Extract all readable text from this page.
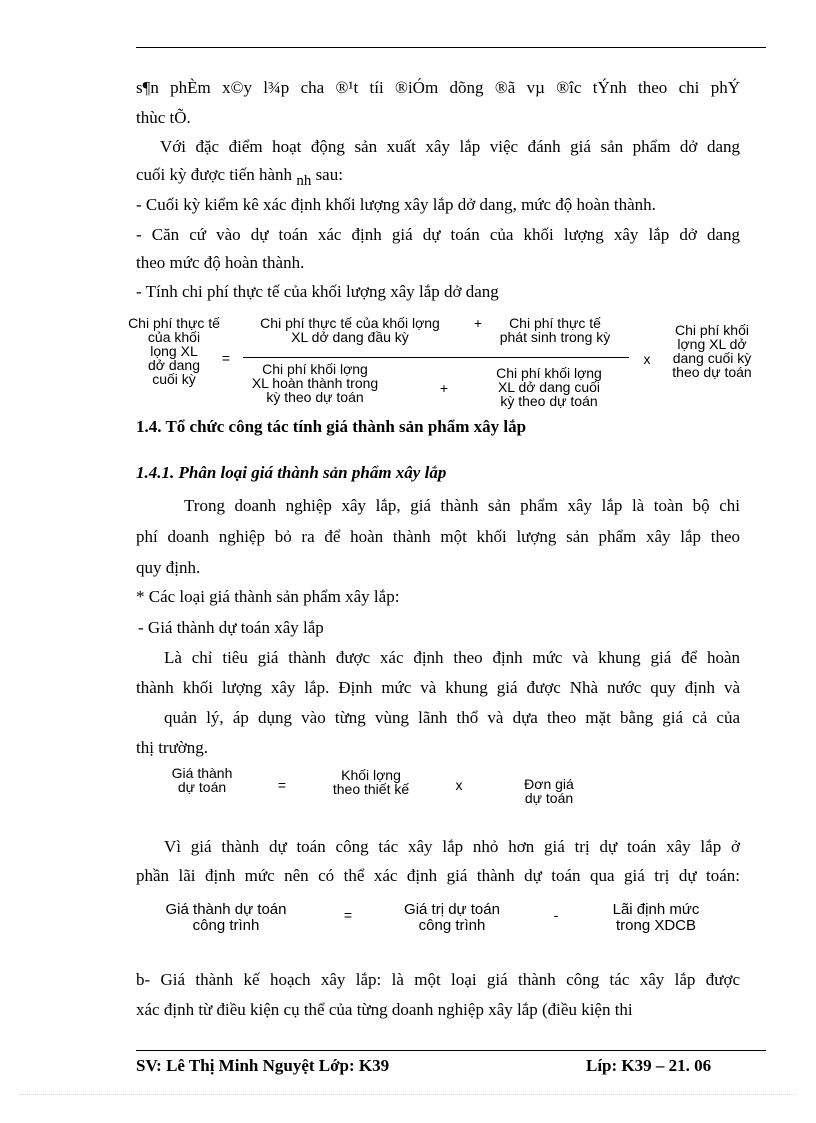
s¶n phÈm x©y l¾p cha ®¹t tíi ®iÓm dõng ®ã vµ ®îc tÝnh theo chi phÝ
thùc tÕ.
Với đặc điểm hoạt động sản xuất xây lắp việc đánh giá sản phẩm dở dang
cuối kỳ được tiến hành nh sau:
- Cuối kỳ kiểm kê xác định khối lượng xây lắp dở dang, mức độ hoàn thành.
- Căn cứ vào dự toán xác định giá dự toán của khối lượng xây lắp dở dang
theo mức độ hoàn thành.
- Tính chi phí thực tế của khối lượng xây lắp dở dang
Chi phí thực tế
của khối
lọng XL
dở dang
cuối kỳ
=
Chi phí thực tế của khối lợng
XL dở dang đầu kỳ
+	Chi phí thực tế
phát sinh trong kỳ
Chi phí khối lợng
XL hoàn thành trong
kỳ theo dự toán
+
Chi phí khối lợng
XL dở dang cuối
kỳ theo dự toán
x
Chi phí khối
lợng XL dở
dang cuối kỳ
theo dự toán
1.4. Tổ chức công tác tính giá thành sản phẩm xây lắp
1.4.1. Phân loại giá thành sản phẩm xây lắp
Trong doanh nghiệp xây lắp, giá thành sản phẩm xây lắp là toàn bộ chi
phí doanh nghiệp bỏ ra để hoàn thành một khối lượng sản phẩm xây lắp theo
quy định.
* Các loại giá thành sản phẩm xây lắp:
- Giá thành dự toán xây lắp
Là chỉ tiêu giá thành được xác định theo định mức và khung giá để hoàn
thành khối lượng xây lắp. Định mức và khung giá được Nhà nước quy định và
quản lý, áp dụng vào từng vùng lãnh thổ và dựa theo mặt bằng giá cả của
thị trường.
Giá thành
dự toán	=
Khối lợng
theo thiết kế	x	Đơn giá
dự toán
Vì giá thành dự toán công tác xây lắp nhỏ hơn giá trị dự toán xây lắp ở
phần lãi định mức nên có thể xác định giá thành dự toán qua giá trị dự toán:
Giá thành dự toán
công trình
=	Giá trị dự toán
công trình
-	Lãi định mức
trong XDCB
b- Giá thành kế hoạch xây lắp: là một loại giá thành công tác xây lắp được
xác định từ điều kiện cụ thể của từng doanh nghiệp xây lắp (điều kiện thi
SV: Lê Thị Minh Nguyệt Lớp: K39	Líp: K39 – 21. 06
